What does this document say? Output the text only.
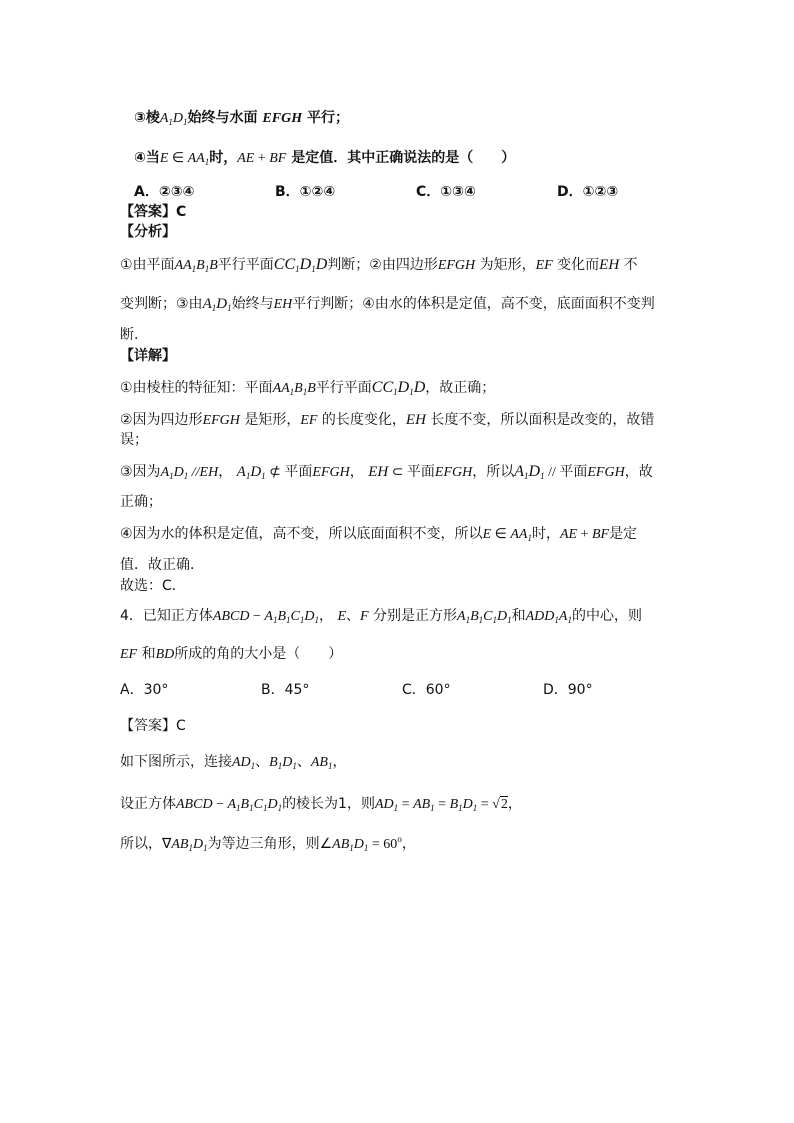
③棱$A_1D_1$始终与水面 EFGH 平行；
④当E ∈ $AA_1$时，AE + BF 是定值．其中正确说法的是（　　）
A．②③④	B．①②④	C．①③④	D．①②③
【答案】C
【分析】
①由平面$AA_1B_1B$平行平面$CC_1D_1D$判断；②由四边形EFGH 为矩形，EF 变化而EH 不
变判断；③由$A_1D_1$始终与EH平行判断；④由水的体积是定值，高不变，底面面积不变判
断.
【详解】
①由棱柱的特征知：平面$AA_1B_1B$平行平面$CC_1D_1D$，故正确；
②因为四边形EFGH 是矩形，EF 的长度变化，EH 长度不变，所以面积是改变的，故错
误；
③因为$A_1D_1$ //EH， $A_1D_1$ ⊄ 平面EFGH， EH ⊂ 平面EFGH，所以$A_1D_1$ // 平面EFGH，故
正确；
④因为水的体积是定值，高不变，所以底面面积不变，所以E ∈ $AA_1$时，AE + BF是定
值．故正确．
故选：C．
4．已知正方体ABCD − $A_1B_1C_1D_1$， E、F 分别是正方形$A_1B_1C_1D_1$和$ADD_1A_1$的中心，则
EF 和BD所成的角的大小是（　　）
A．30°	B．45°	C．60°	D．90°
【答案】C
如下图所示，连接$AD_1$、$B_1D_1$、$AB_1$，
设正方体ABCD − $A_1B_1C_1D_1$的棱长为1，则$AD_1 = AB_1 = B_1D_1 = √2$，
所以，$\nabla AB_1D_1$为等边三角形，则$\angle AB_1D_1 = 60^o$，
